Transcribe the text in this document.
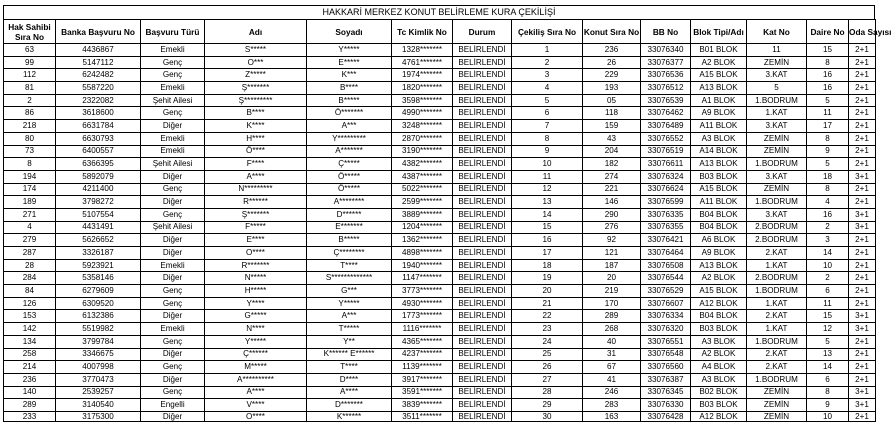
HAKKARİ MERKEZ KONUT BELİRLEME KURA ÇEKİLİŞİ
Hak Sahibi Sıra No	Banka Başvuru No	Başvuru Türü	Adı	Soyadı	Tc Kimlik No	Durum	Çekiliş Sıra No	Konut Sıra No	BB No	Blok Tipi/Adı	Kat No	Daire No	Oda Sayısı
63	4436867	Emekli	S*****	Y*****	1328*******	BELİRLENDİ	1	236	33076340	B01 BLOK	11	15	2+1
99	5147112	Genç	O***	E*****	4761*******	BELİRLENDİ	2	26	33076377	A2 BLOK	ZEMİN	8	2+1
112	6242482	Genç	Z*****	K***	1974*******	BELİRLENDİ	3	229	33076536	A15 BLOK	3.KAT	16	2+1
81	5587220	Emekli	Ş*******	B****	1820*******	BELİRLENDİ	4	193	33076512	A13 BLOK	5	16	2+1
2	2322082	Şehit Ailesi	Ş*********	B*****	3598*******	BELİRLENDİ	5	05	33076539	A1 BLOK	1.BODRUM	5	2+1
86	3618600	Genç	B****	Ö*******	4990*******	BELİRLENDİ	6	118	33076462	A9 BLOK	1.KAT	11	2+1
218	6631784	Diğer	K****	A***	3248*******	BELİRLENDİ	7	159	33076489	A11 BLOK	3.KAT	17	2+1
80	6630793	Emekli	H****	Y*********	2870*******	BELİRLENDİ	8	43	33076552	A3 BLOK	ZEMİN	8	2+1
73	6400557	Emekli	Ö****	A*******	3190*******	BELİRLENDİ	9	204	33076519	A14 BLOK	ZEMİN	9	2+1
8	6366395	Şehit Ailesi	F****	Ç*****	4382*******	BELİRLENDİ	10	182	33076611	A13 BLOK	1.BODRUM	5	2+1
194	5892079	Diğer	A****	Ö*****	4387*******	BELİRLENDİ	11	274	33076324	B03 BLOK	3.KAT	18	3+1
174	4211400	Genç	N*********	Ö*****	5022*******	BELİRLENDİ	12	221	33076624	A15 BLOK	ZEMİN	8	2+1
189	3798272	Diğer	R******	A********	2599*******	BELİRLENDİ	13	146	33076599	A11 BLOK	1.BODRUM	4	2+1
271	5107554	Genç	Ş*******	D******	3889*******	BELİRLENDİ	14	290	33076335	B04 BLOK	3.KAT	16	3+1
4	4431491	Şehit Ailesi	F*****	E*******	1204*******	BELİRLENDİ	15	276	33076355	B04 BLOK	2.BODRUM	2	3+1
279	5626652	Diğer	E****	B*****	1362*******	BELİRLENDİ	16	92	33076421	A6 BLOK	2.BODRUM	3	2+1
287	3326187	Diğer	O****	Ç********	4898*******	BELİRLENDİ	17	121	33076464	A9 BLOK	2.KAT	14	2+1
28	5923921	Emekli	R*******	T****	1940*******	BELİRLENDİ	18	187	33076508	A13 BLOK	1.KAT	10	2+1
284	5358146	Diğer	N*****	S*************	1147*******	BELİRLENDİ	19	20	33076544	A2 BLOK	2.BODRUM	2	2+1
84	6279609	Genç	H*****	G***	3773*******	BELİRLENDİ	20	219	33076529	A15 BLOK	1.BODRUM	6	2+1
126	6309520	Genç	Y****	Y*****	4930*******	BELİRLENDİ	21	170	33076607	A12 BLOK	1.KAT	11	2+1
153	6132386	Diğer	G*****	A***	1773*******	BELİRLENDİ	22	289	33076334	B04 BLOK	2.KAT	15	3+1
142	5519982	Emekli	N****	T*****	1116*******	BELİRLENDİ	23	268	33076320	B03 BLOK	1.KAT	12	3+1
134	3799784	Genç	Y*****	Y**	4365*******	BELİRLENDİ	24	40	33076551	A3 BLOK	1.BODRUM	5	2+1
258	3346675	Diğer	Ç******	K****** E******	4237*******	BELİRLENDİ	25	31	33076548	A2 BLOK	2.KAT	13	2+1
214	4007998	Genç	M*****	T****	1139*******	BELİRLENDİ	26	67	33076560	A4 BLOK	2.KAT	14	2+1
236	3770473	Diğer	A**********	D****	3917*******	BELİRLENDİ	27	41	33076387	A3 BLOK	1.BODRUM	6	2+1
140	2539257	Genç	A****	A****	3591*******	BELİRLENDİ	28	246	33076345	B02 BLOK	ZEMİN	8	3+1
289	3140540	Engelli	V****	D*******	3839*******	BELİRLENDİ	29	283	33076330	B03 BLOK	ZEMİN	9	3+1
233	3175300	Diğer	O****	K******	3511*******	BELİRLENDİ	30	163	33076428	A12 BLOK	ZEMİN	10	2+1
